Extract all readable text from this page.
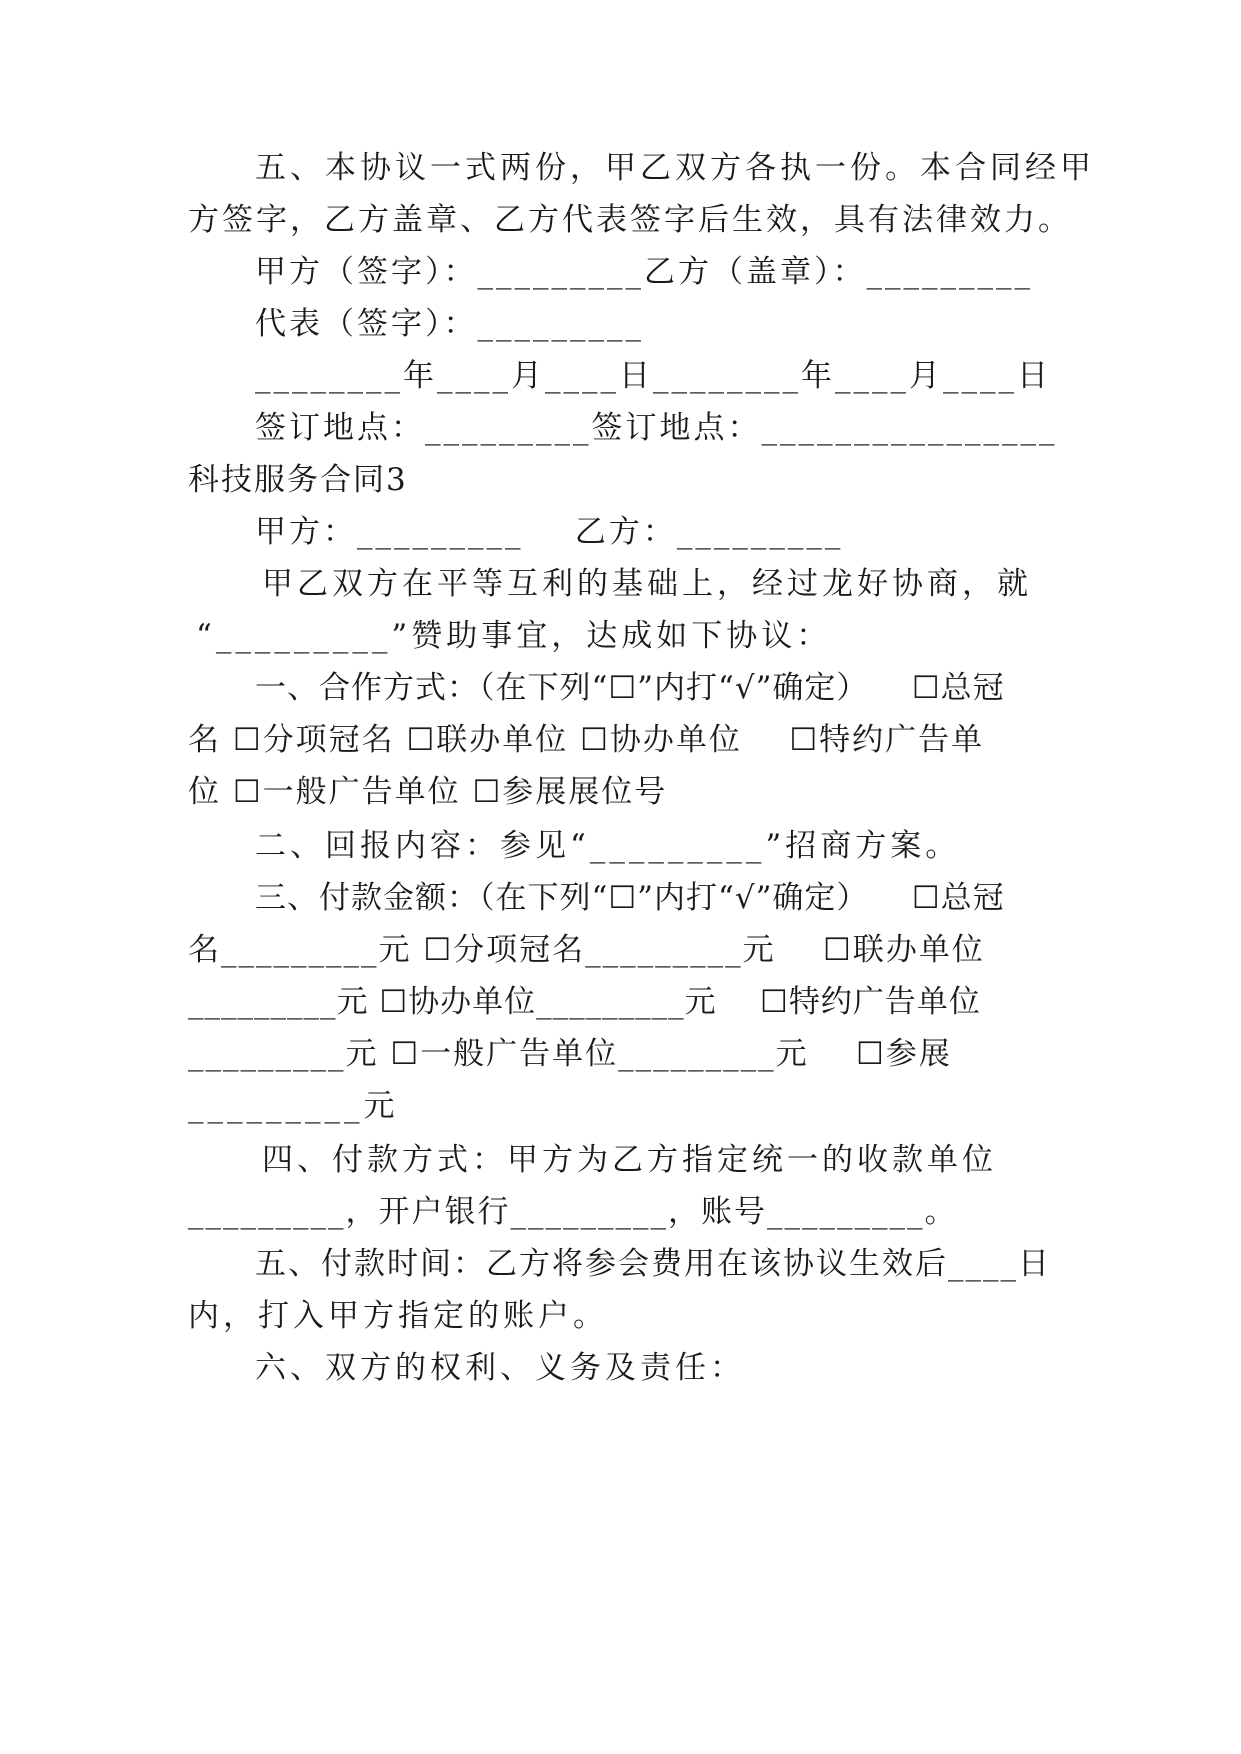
五、本协议一式两份，甲乙双方各执一份。本合同经甲
方签字，乙方盖章、乙方代表签字后生效，具有法律效力。
甲方（签字）：_________乙方（盖章）：_________
代表（签字）：_________
________年____月____日________年____月____日
签订地点：_________签订地点：________________
科技服务合同3
甲方：_________    乙方：_________
甲乙双方在平等互利的基础上，经过龙好协商，就
“_________”赞助事宜，达成如下协议：
一、合作方式：（在下列“☐”内打“√”确定）    ☐总冠
名 ☐分项冠名 ☐联办单位 ☐协办单位    ☐特约广告单
位 ☐一般广告单位 ☐参展展位号
二、回报内容：参见“_________”招商方案。
三、付款金额：（在下列“☐”内打“√”确定）    ☐总冠
名_________元 ☐分项冠名_________元    ☐联办单位
_________元 ☐协办单位_________元    ☐特约广告单位
_________元 ☐一般广告单位_________元    ☐参展
_________元
四、付款方式：甲方为乙方指定统一的收款单位
_________，开户银行_________，账号_________。
五、付款时间：乙方将参会费用在该协议生效后____日
内，打入甲方指定的账户。
六、双方的权利、义务及责任：
